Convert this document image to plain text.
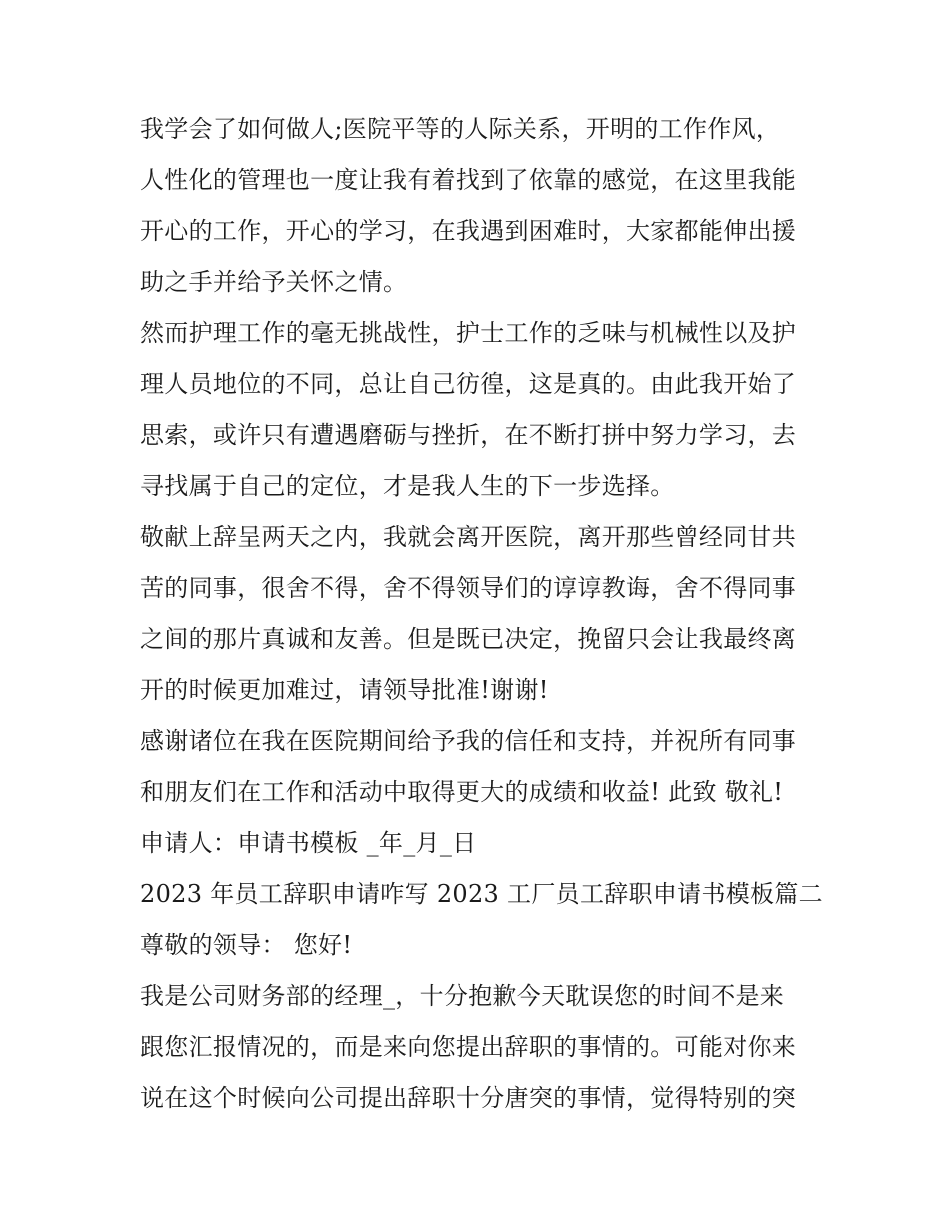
我学会了如何做人;医院平等的人际关系，开明的工作作风，
人性化的管理也一度让我有着找到了依靠的感觉，在这里我能
开心的工作，开心的学习，在我遇到困难时，大家都能伸出援
助之手并给予关怀之情。
然而护理工作的毫无挑战性，护士工作的乏味与机械性以及护
理人员地位的不同，总让自己彷徨，这是真的。由此我开始了
思索，或许只有遭遇磨砺与挫折，在不断打拼中努力学习，去
寻找属于自己的定位，才是我人生的下一步选择。
敬献上辞呈两天之内，我就会离开医院，离开那些曾经同甘共
苦的同事，很舍不得，舍不得领导们的谆谆教诲，舍不得同事
之间的那片真诚和友善。但是既已决定，挽留只会让我最终离
开的时候更加难过，请领导批准!谢谢!
感谢诸位在我在医院期间给予我的信任和支持，并祝所有同事
和朋友们在工作和活动中取得更大的成绩和收益! 此致 敬礼!
申请人：申请书模板 _年_月_日
2023 年员工辞职申请咋写 2023 工厂员工辞职申请书模板篇二
尊敬的领导： 您好!
我是公司财务部的经理_，十分抱歉今天耽误您的时间不是来
跟您汇报情况的，而是来向您提出辞职的事情的。可能对你来
说在这个时候向公司提出辞职十分唐突的事情，觉得特别的突
